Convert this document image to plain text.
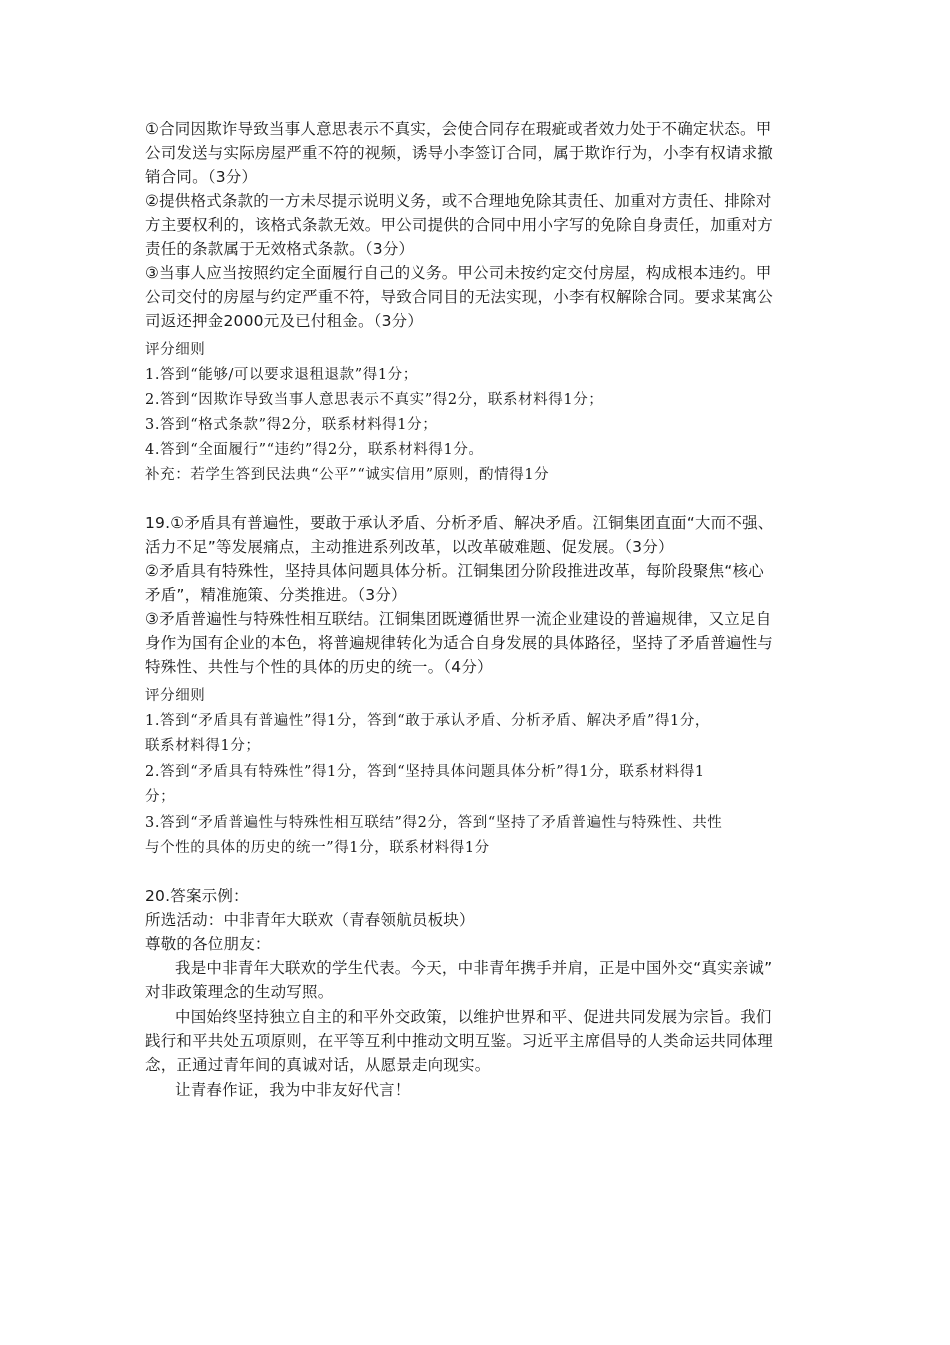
①合同因欺诈导致当事人意思表示不真实，会使合同存在瑕疵或者效力处于不确定状态。甲
公司发送与实际房屋严重不符的视频，诱导小李签订合同，属于欺诈行为，小李有权请求撤
销合同。（3分）
②提供格式条款的一方未尽提示说明义务，或不合理地免除其责任、加重对方责任、排除对
方主要权利的，该格式条款无效。甲公司提供的合同中用小字写的免除自身责任，加重对方
责任的条款属于无效格式条款。（3分）
③当事人应当按照约定全面履行自己的义务。甲公司未按约定交付房屋，构成根本违约。甲
公司交付的房屋与约定严重不符，导致合同目的无法实现，小李有权解除合同。要求某寓公
司返还押金2000元及已付租金。（3分）
评分细则
1.答到“能够/可以要求退租退款”得1分；
2.答到“因欺诈导致当事人意思表示不真实”得2分，联系材料得1分；
3.答到“格式条款”得2分，联系材料得1分；
4.答到“全面履行”“违约”得2分，联系材料得1分。
补充：若学生答到民法典“公平”“诚实信用”原则，酌情得1分
19.①矛盾具有普遍性，要敢于承认矛盾、分析矛盾、解决矛盾。江铜集团直面“大而不强、
活力不足”等发展痛点，主动推进系列改革，以改革破难题、促发展。（3分）
②矛盾具有特殊性，坚持具体问题具体分析。江铜集团分阶段推进改革，每阶段聚焦“核心
矛盾”，精准施策、分类推进。（3分）
③矛盾普遍性与特殊性相互联结。江铜集团既遵循世界一流企业建设的普遍规律，又立足自
身作为国有企业的本色，将普遍规律转化为适合自身发展的具体路径，坚持了矛盾普遍性与
特殊性、共性与个性的具体的历史的统一。（4分）
评分细则
1.答到“矛盾具有普遍性”得1分，答到“敢于承认矛盾、分析矛盾、解决矛盾”得1分，
联系材料得1分；
2.答到“矛盾具有特殊性”得1分，答到“坚持具体问题具体分析”得1分，联系材料得1
分；
3.答到“矛盾普遍性与特殊性相互联结”得2分，答到“坚持了矛盾普遍性与特殊性、共性
与个性的具体的历史的统一”得1分，联系材料得1分
20.答案示例：
所选活动：中非青年大联欢（青春领航员板块）
尊敬的各位朋友：
我是中非青年大联欢的学生代表。今天，中非青年携手并肩，正是中国外交“真实亲诚”
对非政策理念的生动写照。
中国始终坚持独立自主的和平外交政策，以维护世界和平、促进共同发展为宗旨。我们
践行和平共处五项原则，在平等互利中推动文明互鉴。习近平主席倡导的人类命运共同体理
念，正通过青年间的真诚对话，从愿景走向现实。
让青春作证，我为中非友好代言！
